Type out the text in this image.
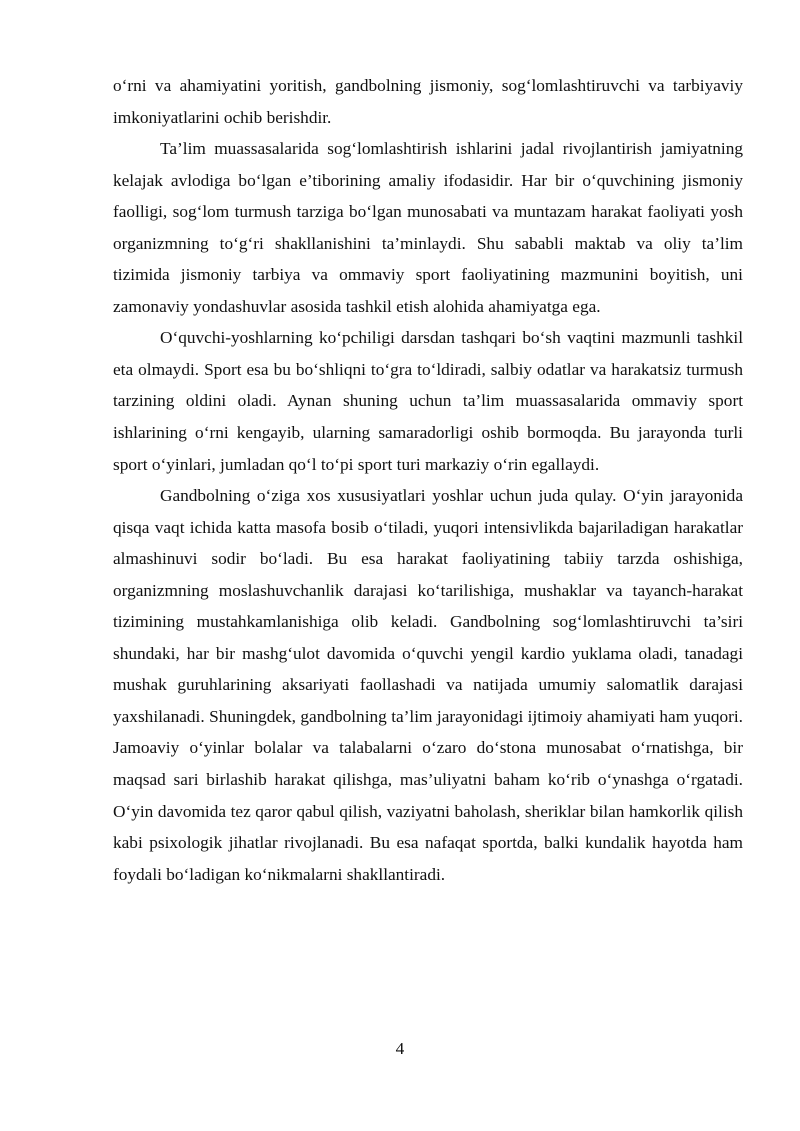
o‘rni va ahamiyatini yoritish, gandbolning jismoniy, sog‘lomlashtiruvchi va tarbiyaviy imkoniyatlarini ochib berishdir.

Ta’lim muassasalarida sog‘lomlashtirish ishlarini jadal rivojlantirish jamiyatning kelajak avlodiga bo‘lgan e’tiborining amaliy ifodasidir. Har bir o‘quvchining jismoniy faolligi, sog‘lom turmush tarziga bo‘lgan munosabati va muntazam harakat faoliyati yosh organizmning to‘g‘ri shakllanishini ta’minlaydi. Shu sababli maktab va oliy ta’lim tizimida jismoniy tarbiya va ommaviy sport faoliyatining mazmunini boyitish, uni zamonaviy yondashuvlar asosida tashkil etish alohida ahamiyatga ega.

O‘quvchi-yoshlarning ko‘pchiligi darsdan tashqari bo‘sh vaqtini mazmunli tashkil eta olmaydi. Sport esa bu bo‘shliqni to‘gra to‘ldiradi, salbiy odatlar va harakatsiz turmush tarzining oldini oladi. Aynan shuning uchun ta’lim muassasalarida ommaviy sport ishlarining o‘rni kengayib, ularning samaradorligi oshib bormoqda. Bu jarayonda turli sport o‘yinlari, jumladan qo‘l to‘pi sport turi markaziy o‘rin egallaydi.

Gandbolning o‘ziga xos xususiyatlari yoshlar uchun juda qulay. O‘yin jarayonida qisqa vaqt ichida katta masofa bosib o‘tiladi, yuqori intensivlikda bajariladigan harakatlar almashinuvi sodir bo‘ladi. Bu esa harakat faoliyatining tabiiy tarzda oshishiga, organizmning moslashuvchanlik darajasi ko‘tarilishiga, mushaklar va tayanch-harakat tizimining mustahkamlanishiga olib keladi. Gandbolning sog‘lomlashtiruvchi ta’siri shundaki, har bir mashg‘ulot davomida o‘quvchi yengil kardio yuklama oladi, tanadagi mushak guruhlarining aksariyati faollashadi va natijada umumiy salomatlik darajasi yaxshilanadi. Shuningdek, gandbolning ta’lim jarayonidagi ijtimoiy ahamiyati ham yuqori. Jamoaviy o‘yinlar bolalar va talabalarni o‘zaro do‘stona munosabat o‘rnatishga, bir maqsad sari birlashib harakat qilishga, mas’uliyatni baham ko‘rib o‘ynashga o‘rgatadi. O‘yin davomida tez qaror qabul qilish, vaziyatni baholash, sheriklar bilan hamkorlik qilish kabi psixologik jihatlar rivojlanadi. Bu esa nafaqat sportda, balki kundalik hayotda ham foydali bo‘ladigan ko‘nikmalarni shakllantiradi.

4
